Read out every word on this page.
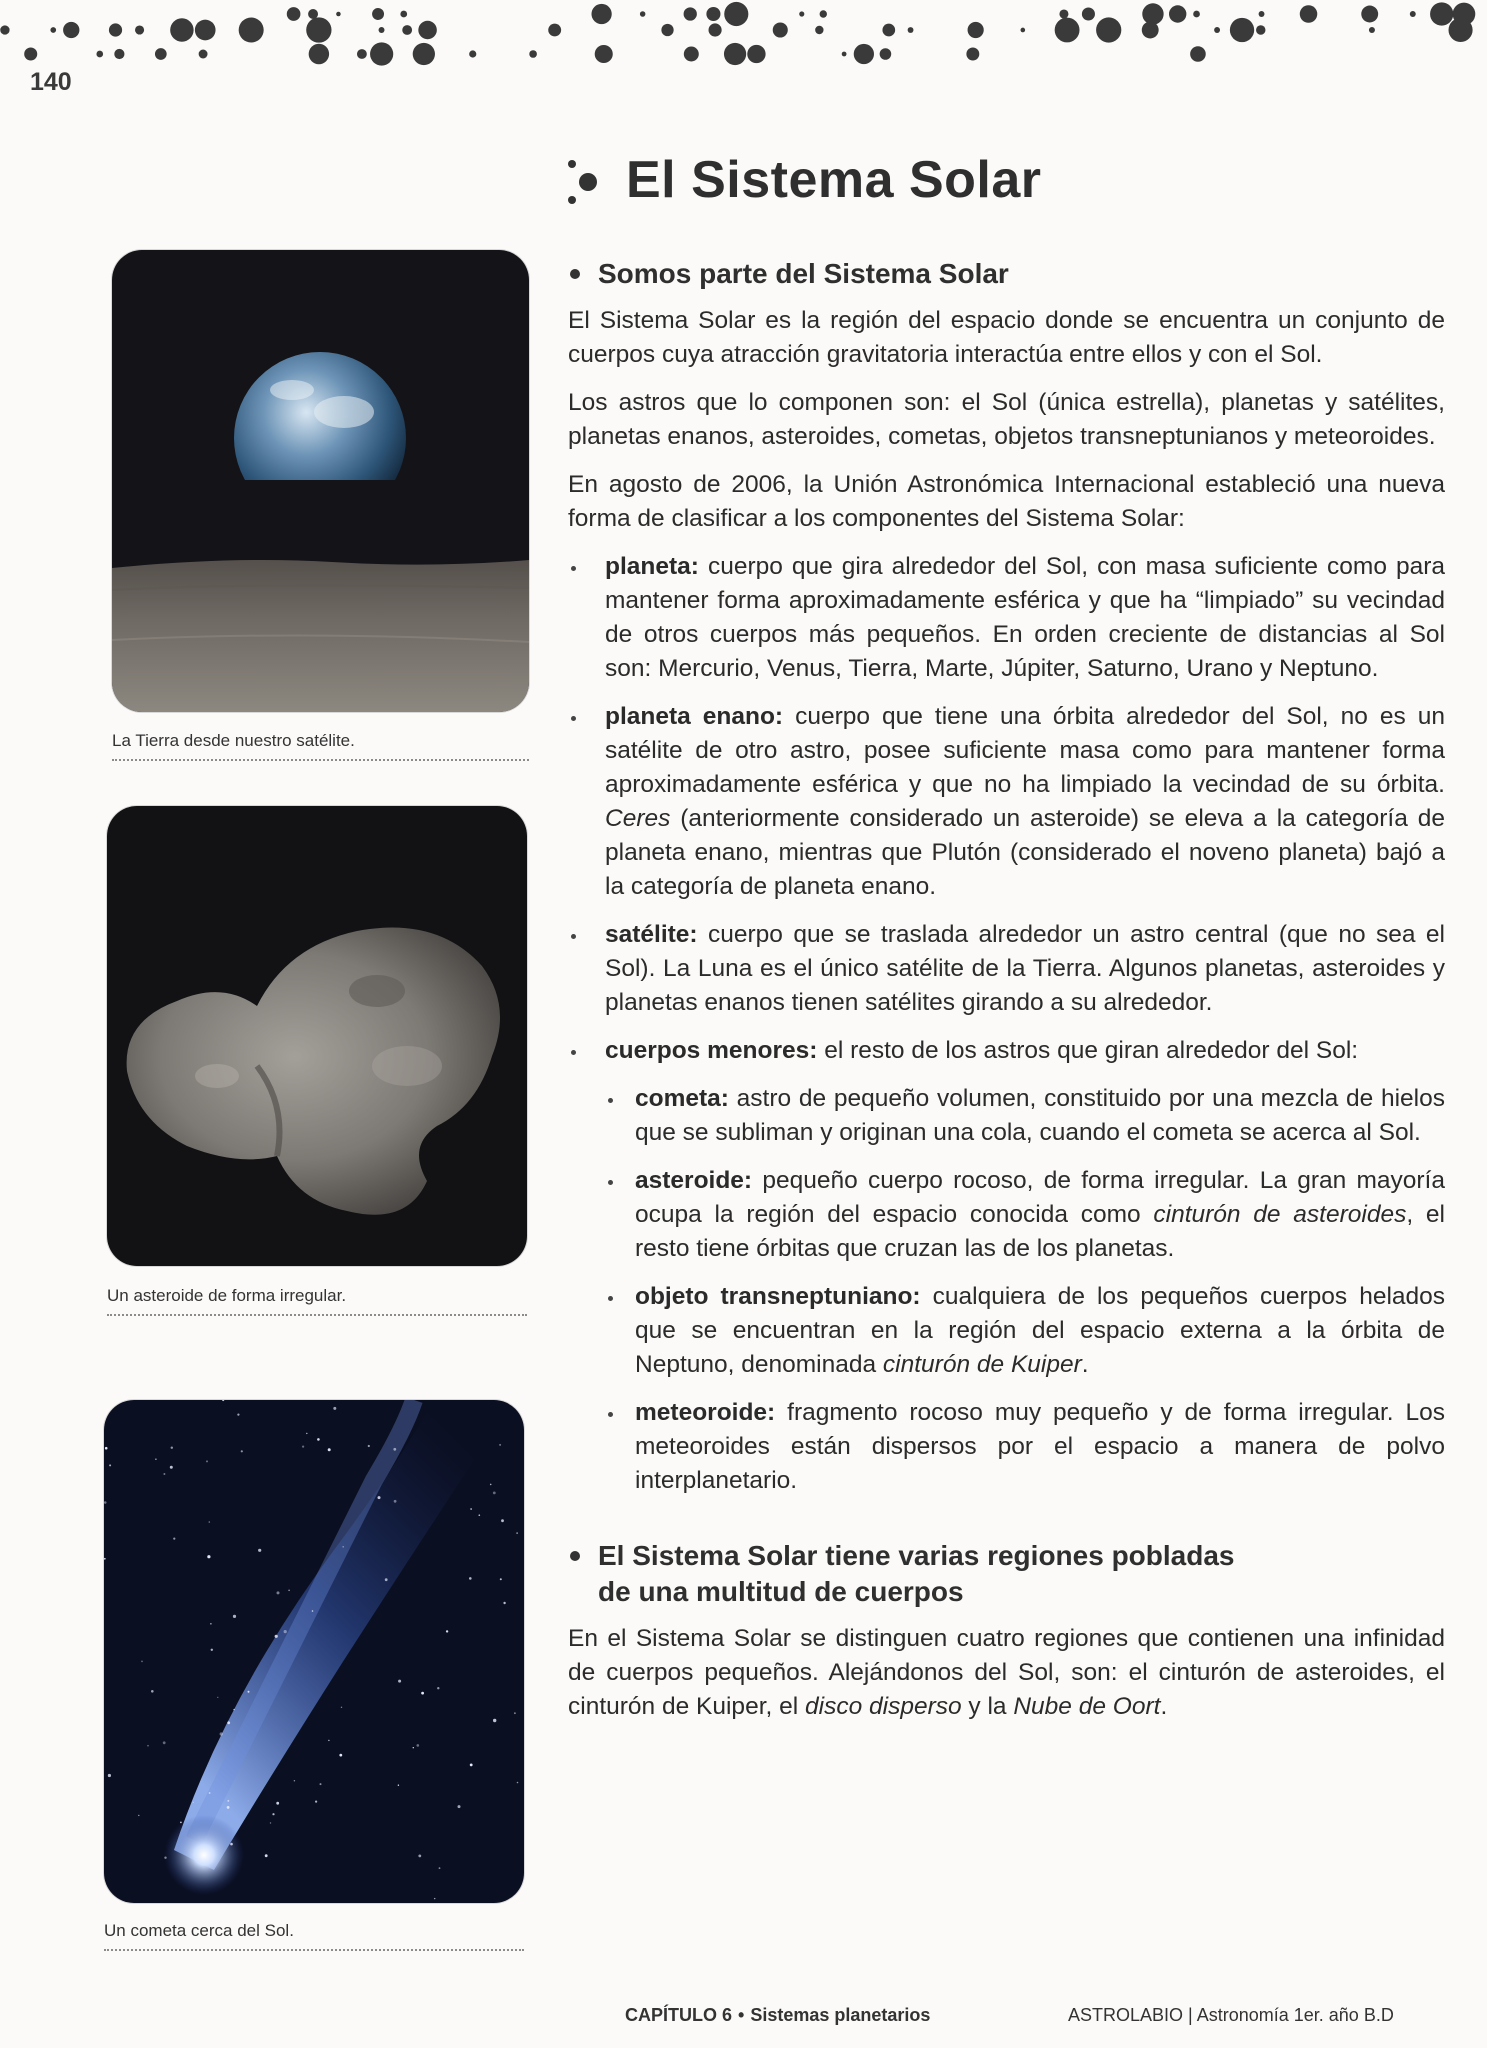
140
El Sistema Solar
La Tierra desde nuestro satélite.
Un asteroide de forma irregular.
Un cometa cerca del Sol.
Somos parte del Sistema Solar

El Sistema Solar es la región del espacio donde se encuentra un conjunto de cuerpos cuya atracción gravitatoria interactúa entre ellos y con el Sol.

Los astros que lo componen son: el Sol (única estrella), planetas y satélites, planetas enanos, asteroides, cometas, objetos transneptunianos y meteoroides.

En agosto de 2006, la Unión Astronómica Internacional estableció una nueva forma de clasificar a los componentes del Sistema Solar:

planeta: cuerpo que gira alrededor del Sol, con masa suficiente como para mantener forma aproximadamente esférica y que ha “limpiado” su vecindad de otros cuerpos más pequeños. En orden creciente de distancias al Sol son: Mercurio, Venus, Tierra, Marte, Júpiter, Saturno, Urano y Neptuno.
planeta enano: cuerpo que tiene una órbita alrededor del Sol, no es un satélite de otro astro, posee suficiente masa como para mantener forma aproximadamente esférica y que no ha limpiado la vecindad de su órbita. Ceres (anteriormente considerado un asteroide) se eleva a la categoría de planeta enano, mientras que Plutón (considerado el noveno planeta) bajó a la categoría de planeta enano.
satélite: cuerpo que se traslada alrededor un astro central (que no sea el Sol). La Luna es el único satélite de la Tierra. Algunos planetas, asteroides y planetas enanos tienen satélites girando a su alrededor.
cuerpos menores: el resto de los astros que giran alrededor del Sol:
cometa: astro de pequeño volumen, constituido por una mezcla de hielos que se subliman y originan una cola, cuando el cometa se acerca al Sol.
asteroide: pequeño cuerpo rocoso, de forma irregular. La gran mayoría ocupa la región del espacio conocida como cinturón de asteroides, el resto tiene órbitas que cruzan las de los planetas.
objeto transneptuniano: cualquiera de los pequeños cuerpos helados que se encuentran en la región del espacio externa a la órbita de Neptuno, denominada cinturón de Kuiper.
meteoroide: fragmento rocoso muy pequeño y de forma irregular. Los meteoroides están dispersos por el espacio a manera de polvo interplanetario.
El Sistema Solar tiene varias regiones pobladas de una multitud de cuerpos

En el Sistema Solar se distinguen cuatro regiones que contienen una infinidad de cuerpos pequeños. Alejándonos del Sol, son: el cinturón de asteroides, el cinturón de Kuiper, el disco disperso y la Nube de Oort.

CAPÍTULO 6 • Sistemas planetarios	ASTROLABIO | Astronomía 1er. año B.D
